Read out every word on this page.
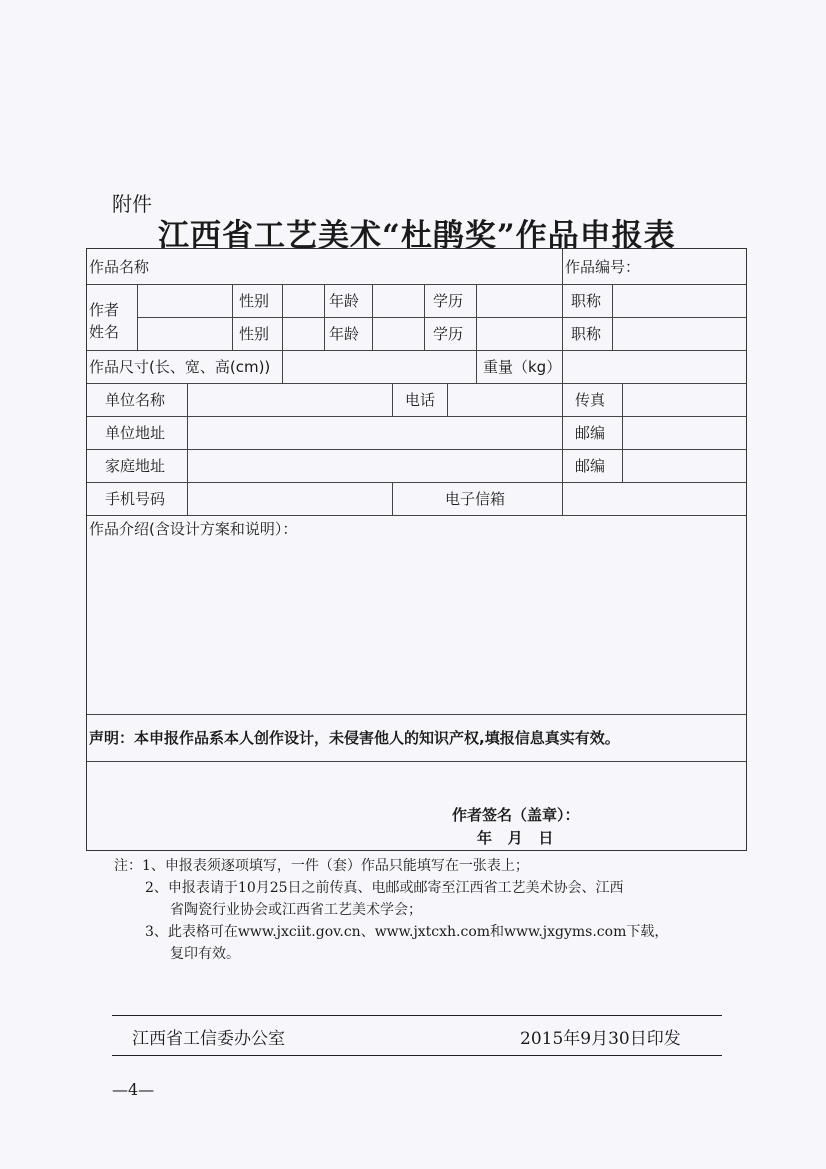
附件
江西省工艺美术“杜鹃奖”作品申报表
作品名称	作品编号：
作者
姓名
性别	年龄	学历	职称
性别	年龄	学历	职称
作品尺寸(长、宽、高(cm))	重量（kg）
单位名称	电话	传真
单位地址	邮编
家庭地址	邮编
手机号码	电子信箱
作品介绍(含设计方案和说明）：
声明：本申报作品系本人创作设计，未侵害他人的知识产权,填报信息真实有效。
作者签名（盖章）：
年   月   日
注：1、申报表须逐项填写，一件（套）作品只能填写在一张表上；
2、申报表请于10月25日之前传真、电邮或邮寄至江西省工艺美术协会、江西
省陶瓷行业协会或江西省工艺美术学会；
3、此表格可在www.jxciit.gov.cn、www.jxtcxh.com和www.jxgyms.com下载，
复印有效。
江西省工信委办公室	2015年9月30日印发
—4—
